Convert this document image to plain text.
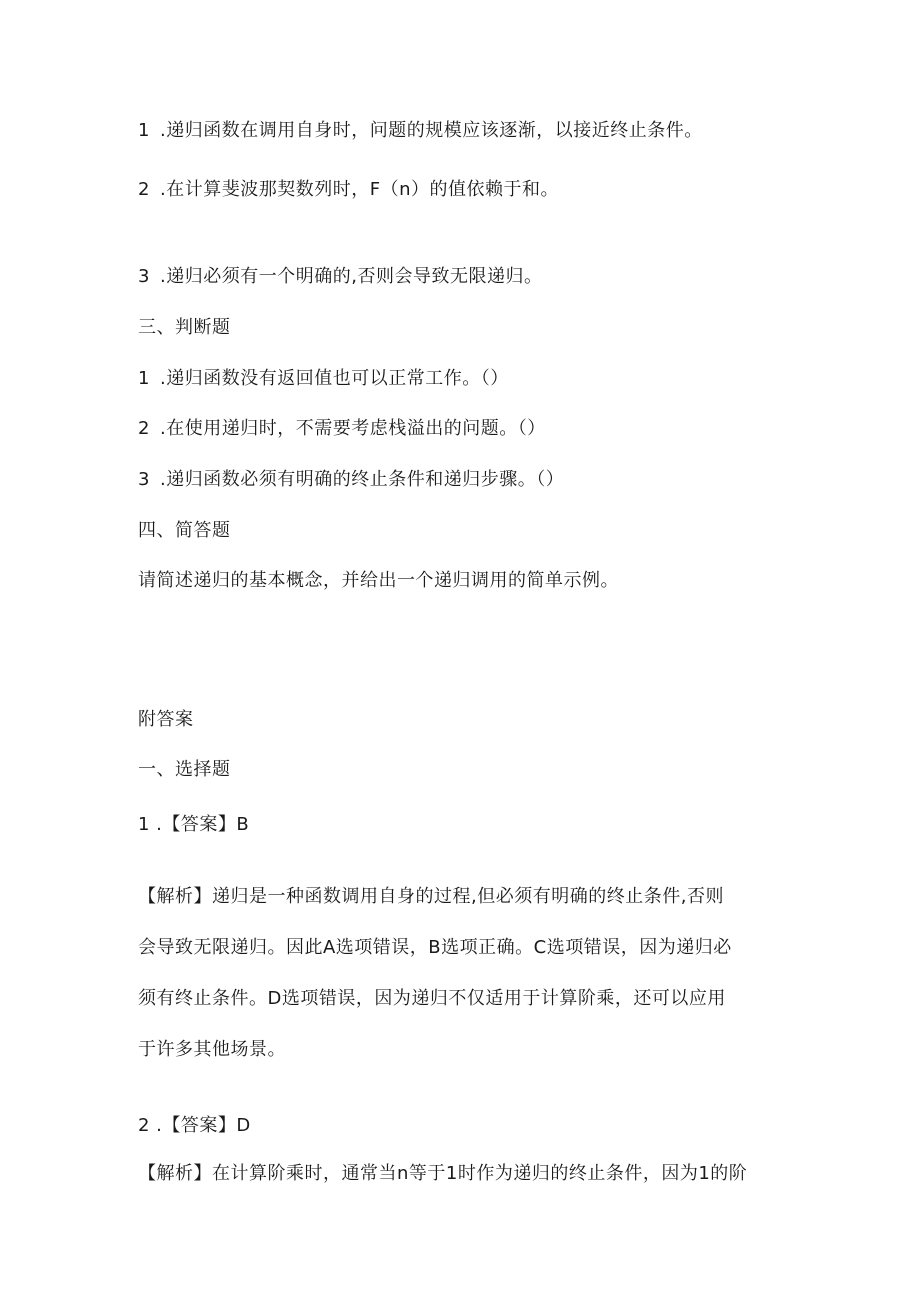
1 .递归函数在调用自身时，问题的规模应该逐渐，以接近终止条件。
2 .在计算斐波那契数列时，F（n）的值依赖于和。
3 .递归必须有一个明确的,否则会导致无限递归。
三、判断题
1 .递归函数没有返回值也可以正常工作。（）
2 .在使用递归时，不需要考虑栈溢出的问题。（）
3 .递归函数必须有明确的终止条件和递归步骤。（）
四、简答题
请简述递归的基本概念，并给出一个递归调用的简单示例。
附答案
一、选择题
1 .【答案】B
【解析】递归是一种函数调用自身的过程,但必须有明确的终止条件,否则
会导致无限递归。因此A选项错误，B选项正确。C选项错误，因为递归必
须有终止条件。D选项错误，因为递归不仅适用于计算阶乘，还可以应用
于许多其他场景。
2 .【答案】D
【解析】在计算阶乘时，通常当n等于1时作为递归的终止条件，因为1的阶
